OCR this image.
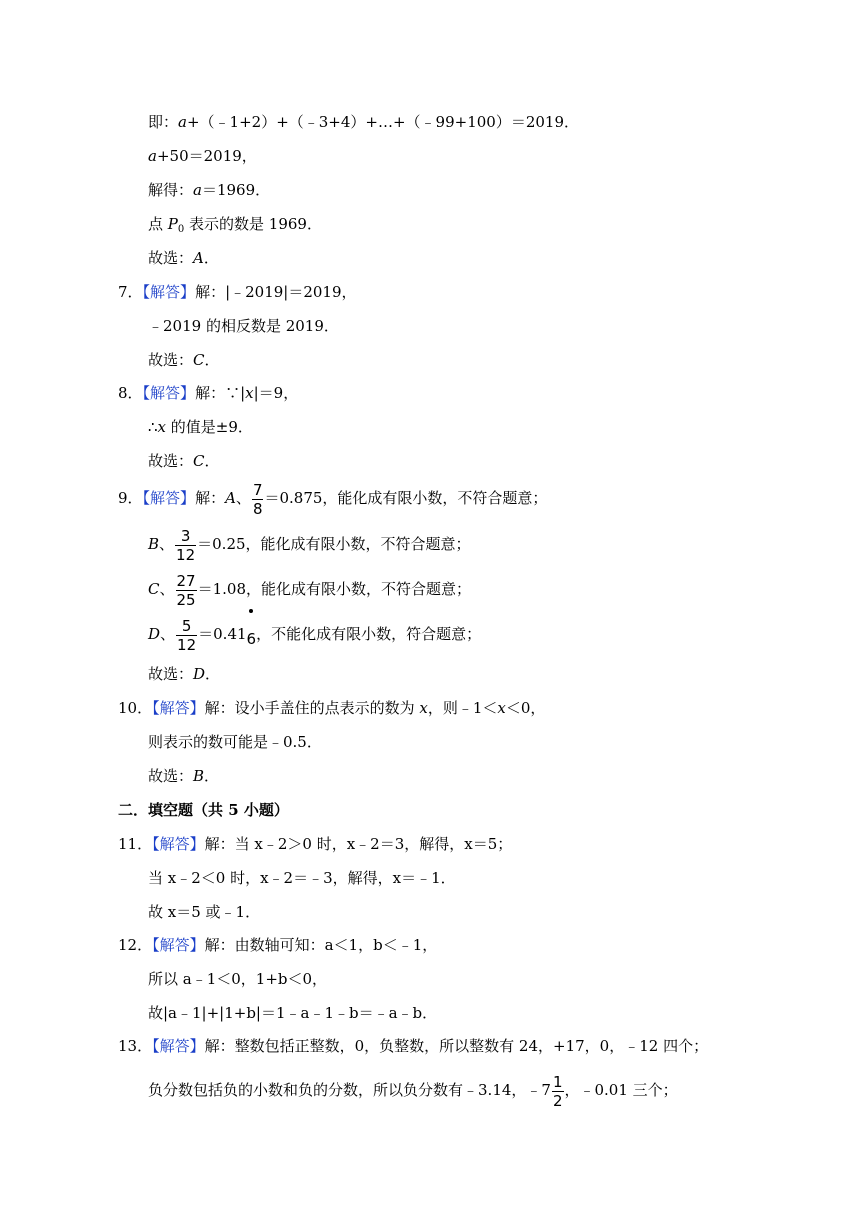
即：a+（﹣1+2）+（﹣3+4）+…+（﹣99+100）＝2019．
a+50＝2019，
解得：a＝1969．
点 $P_0$ 表示的数是 1969．
故选：A．
7．【解答】解：|﹣2019|＝2019，
﹣2019 的相反数是 2019．
故选：C．
8．【解答】解：∵|x|＝9，
∴x 的值是±9．
故选：C．
9．【解答】解：A、 $\frac{7}{8} =0.875$，能化成有限小数，不符合题意；
B、 $\frac{3}{12} =0.25$，能化成有限小数，不符合题意；
C、 $\frac{27}{25} =1.08$，能化成有限小数，不符合题意；
D、 $\frac{5}{12} =0.41$
6，不能化成有限小数，符合题意；
故选：D．
10．【解答】解：设小手盖住的点表示的数为 x，则﹣1＜x＜0，
则表示的数可能是﹣0.5．
故选：B．
二．填空题（共 5 小题）
11．【解答】解：当 x﹣2＞0 时，x﹣2＝3，解得，x＝5；
当 x﹣2＜0 时，x﹣2＝﹣3，解得，x＝﹣1．
故 x＝5 或﹣1．
12．【解答】解：由数轴可知：a＜1，b＜﹣1，
所以 a﹣1＜0，1+b＜0，
故|a﹣1|+|1+b|＝1﹣a﹣1﹣b＝﹣a﹣b．
13．【解答】解：整数包括正整数，0，负整数，所以整数有 24，+17，0，﹣12 四个；
负分数包括负的小数和负的分数，所以负分数有﹣3.14，﹣7 $\frac{1}{2}$ ，﹣0.01 三个；
